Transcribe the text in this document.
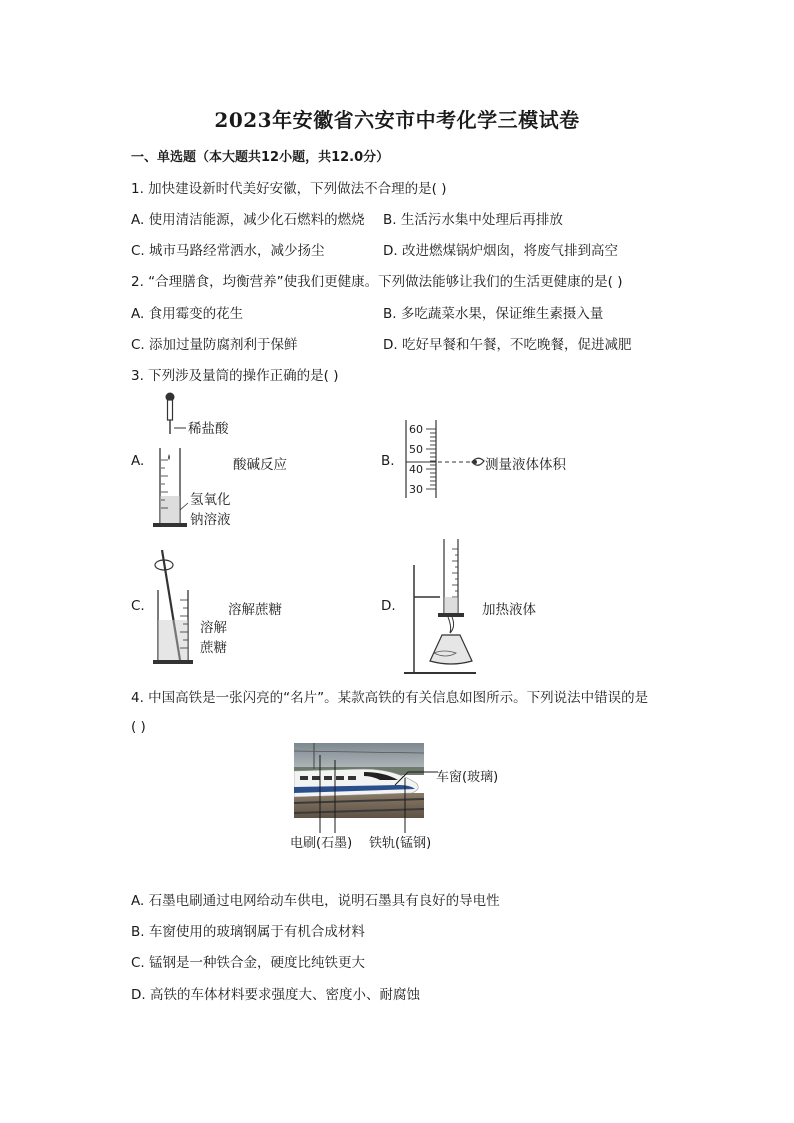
2023年安徽省六安市中考化学三模试卷
一、单选题（本大题共12小题，共12.0分）
1. 加快建设新时代美好安徽，下列做法不合理的是( )
A. 使用清洁能源，减少化石燃料的燃烧 B. 生活污水集中处理后再排放
C. 城市马路经常洒水，减少扬尘	D. 改进燃煤锅炉烟囱，将废气排到高空
2. “合理膳食，均衡营养”使我们更健康。下列做法能够让我们的生活更健康的是( )
A. 食用霉变的花生	B. 多吃蔬菜水果，保证维生素摄入量
C. 添加过量防腐剂利于保鲜	D. 吃好早餐和午餐，不吃晚餐，促进减肥
3. 下列涉及量筒的操作正确的是( )
A.	B.
C.	D.
稀盐酸
氢氧化
钠溶液
酸碱反应
60
50
40
30
测量液体体积
溶解
蔗糖
溶解蔗糖	加热液体
4. 中国高铁是一张闪亮的“名片”。某款高铁的有关信息如图所示。下列说法中错误的是
( )
车窗(玻璃)
电刷(石墨) 铁轨(锰钢)
A. 石墨电刷通过电网给动车供电，说明石墨具有良好的导电性
B. 车窗使用的玻璃钢属于有机合成材料
C. 锰钢是一种铁合金，硬度比纯铁更大
D. 高铁的车体材料要求强度大、密度小、耐腐蚀
